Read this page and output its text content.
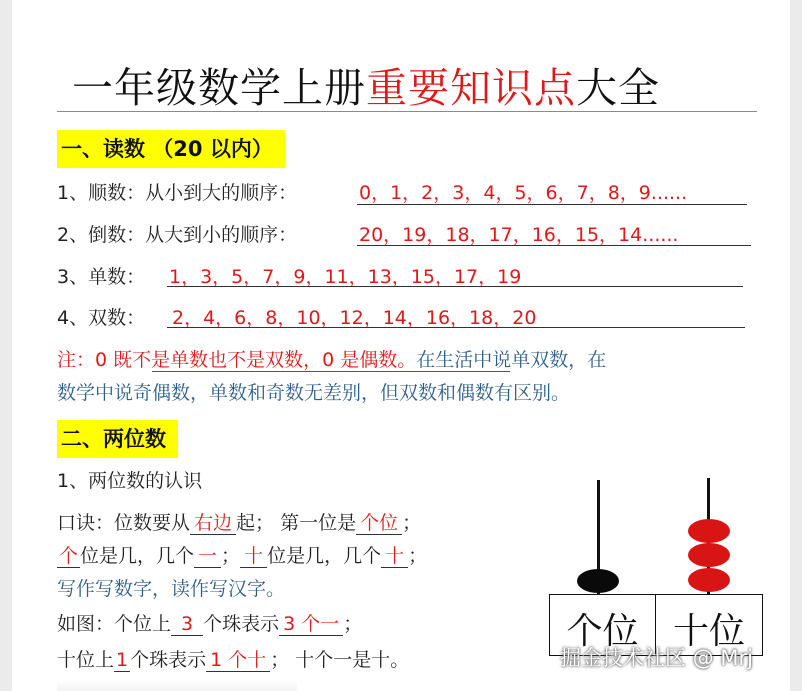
一年级数学上册重要知识点大全
一、读数 （20 以内）
1、顺数：从小到大的顺序：	0，1，2，3，4，5，6，7，8，9......
2、倒数：从大到小的顺序：	20，19，18，17，16，15，14......
3、单数： 1，3，5，7，9，11，13，15，17，19
4、双数： 2，4，6，8，10，12，14，16，18，20
注：0 既不是单数也不是双数，0 是偶数。在生活中说单双数，在
数学中说奇偶数，单数和奇数无差别，但双数和偶数有区别。
二、两位数
1、两位数的认识
口诀：位数要从 右边 起； 第一位是 个位 ；
个 位是几，几个 一 ； 十 位是几，几个 十 ；
写作写数字，读作写汉字。
如图：个位上 3 个珠表示 3 个一 ；
十位上 1 个珠表示 1 个十 ； 十个一是十。
个位 十位
掘金技术社区 @ Mrj
